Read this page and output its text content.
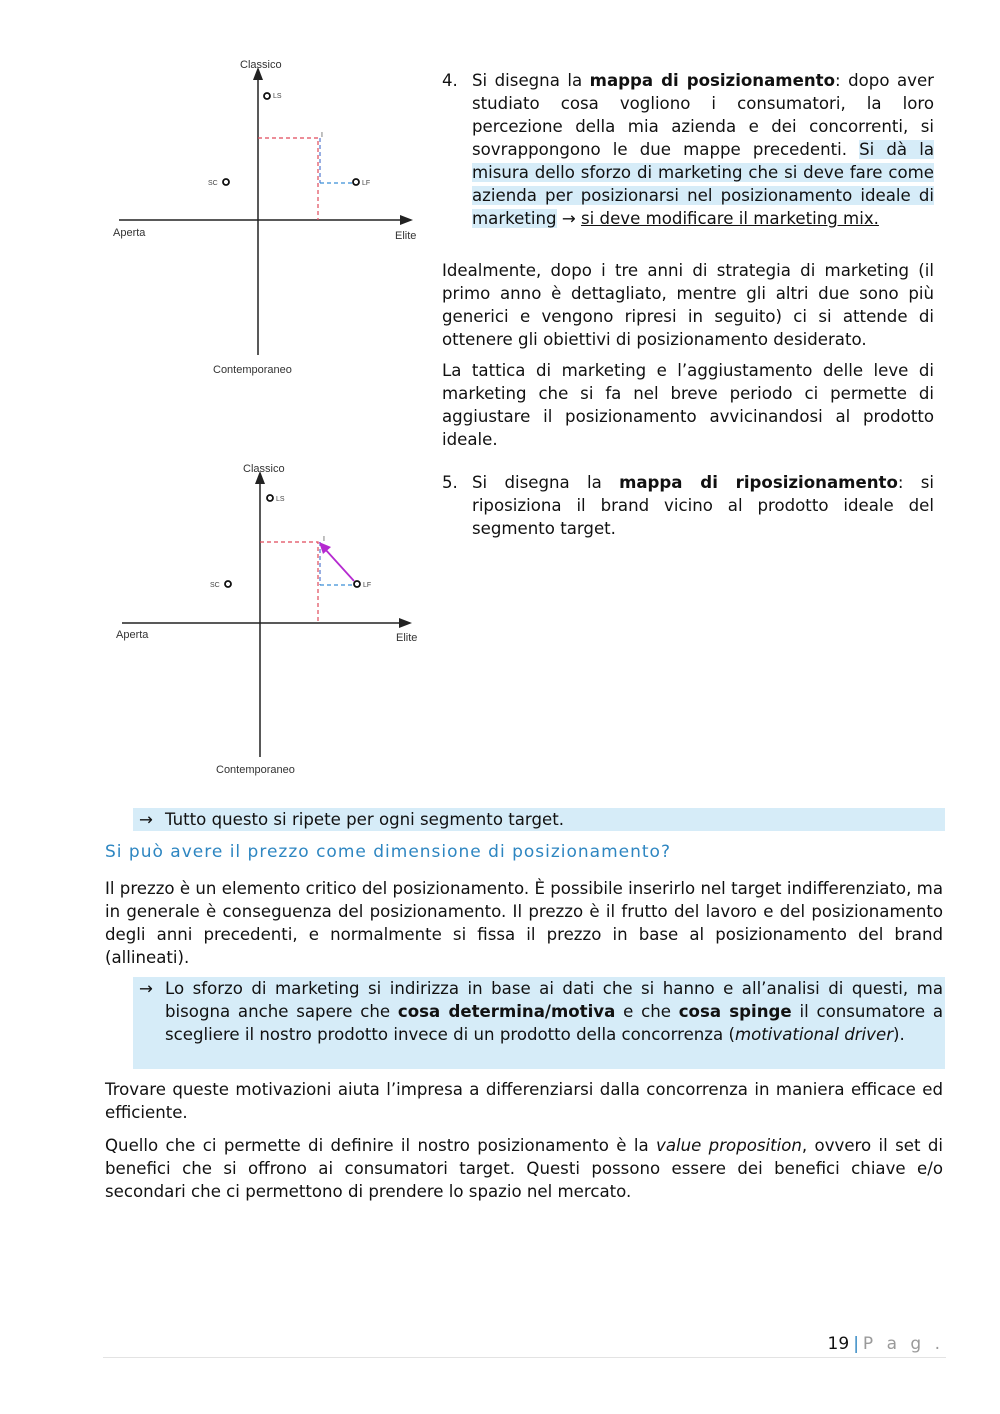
Classico
Contemporaneo
Aperta	Elite
LS
SC	LF
I
Classico
Contemporaneo
Aperta	Elite
LS
SC	LF
I
4. Si disegna la mappa di posizionamento: dopo aver studiato cosa vogliono i consumatori, la loro percezione della mia azienda e dei concorrenti, si sovrappongono le due mappe precedenti. Si dà la misura dello sforzo di marketing che si deve fare come azienda per posizionarsi nel posizionamento ideale di marketing → si deve modificare il marketing mix.

Idealmente, dopo i tre anni di strategia di marketing (il primo anno è dettagliato, mentre gli altri due sono più generici e vengono ripresi in seguito) ci si attende di ottenere gli obiettivi di posizionamento desiderato.

La tattica di marketing e l’aggiustamento delle leve di marketing che si fa nel breve periodo ci permette di aggiustare il posizionamento avvicinandosi al prodotto ideale.

5. Si disegna la mappa di riposizionamento: si riposiziona il brand vicino al prodotto ideale del segmento target.
→ Tutto questo si ripete per ogni segmento target.
Si può avere il prezzo come dimensione di posizionamento?

Il prezzo è un elemento critico del posizionamento. È possibile inserirlo nel target indifferenziato, ma in generale è conseguenza del posizionamento. Il prezzo è il frutto del lavoro e del posizionamento degli anni precedenti, e normalmente si fissa il prezzo in base al posizionamento del brand (allineati).

→ Lo sforzo di marketing si indirizza in base ai dati che si hanno e all’analisi di questi, ma bisogna anche sapere che cosa determina/motiva e che cosa spinge il consumatore a scegliere il nostro prodotto invece di un prodotto della concorrenza (motivational driver).

Trovare queste motivazioni aiuta l’impresa a differenziarsi dalla concorrenza in maniera efficace ed efficiente.

Quello che ci permette di definire il nostro posizionamento è la value proposition, ovvero il set di benefici che si offrono ai consumatori target. Questi possono essere dei benefici chiave e/o secondari che ci permettono di prendere lo spazio nel mercato.

19 | P a g .
